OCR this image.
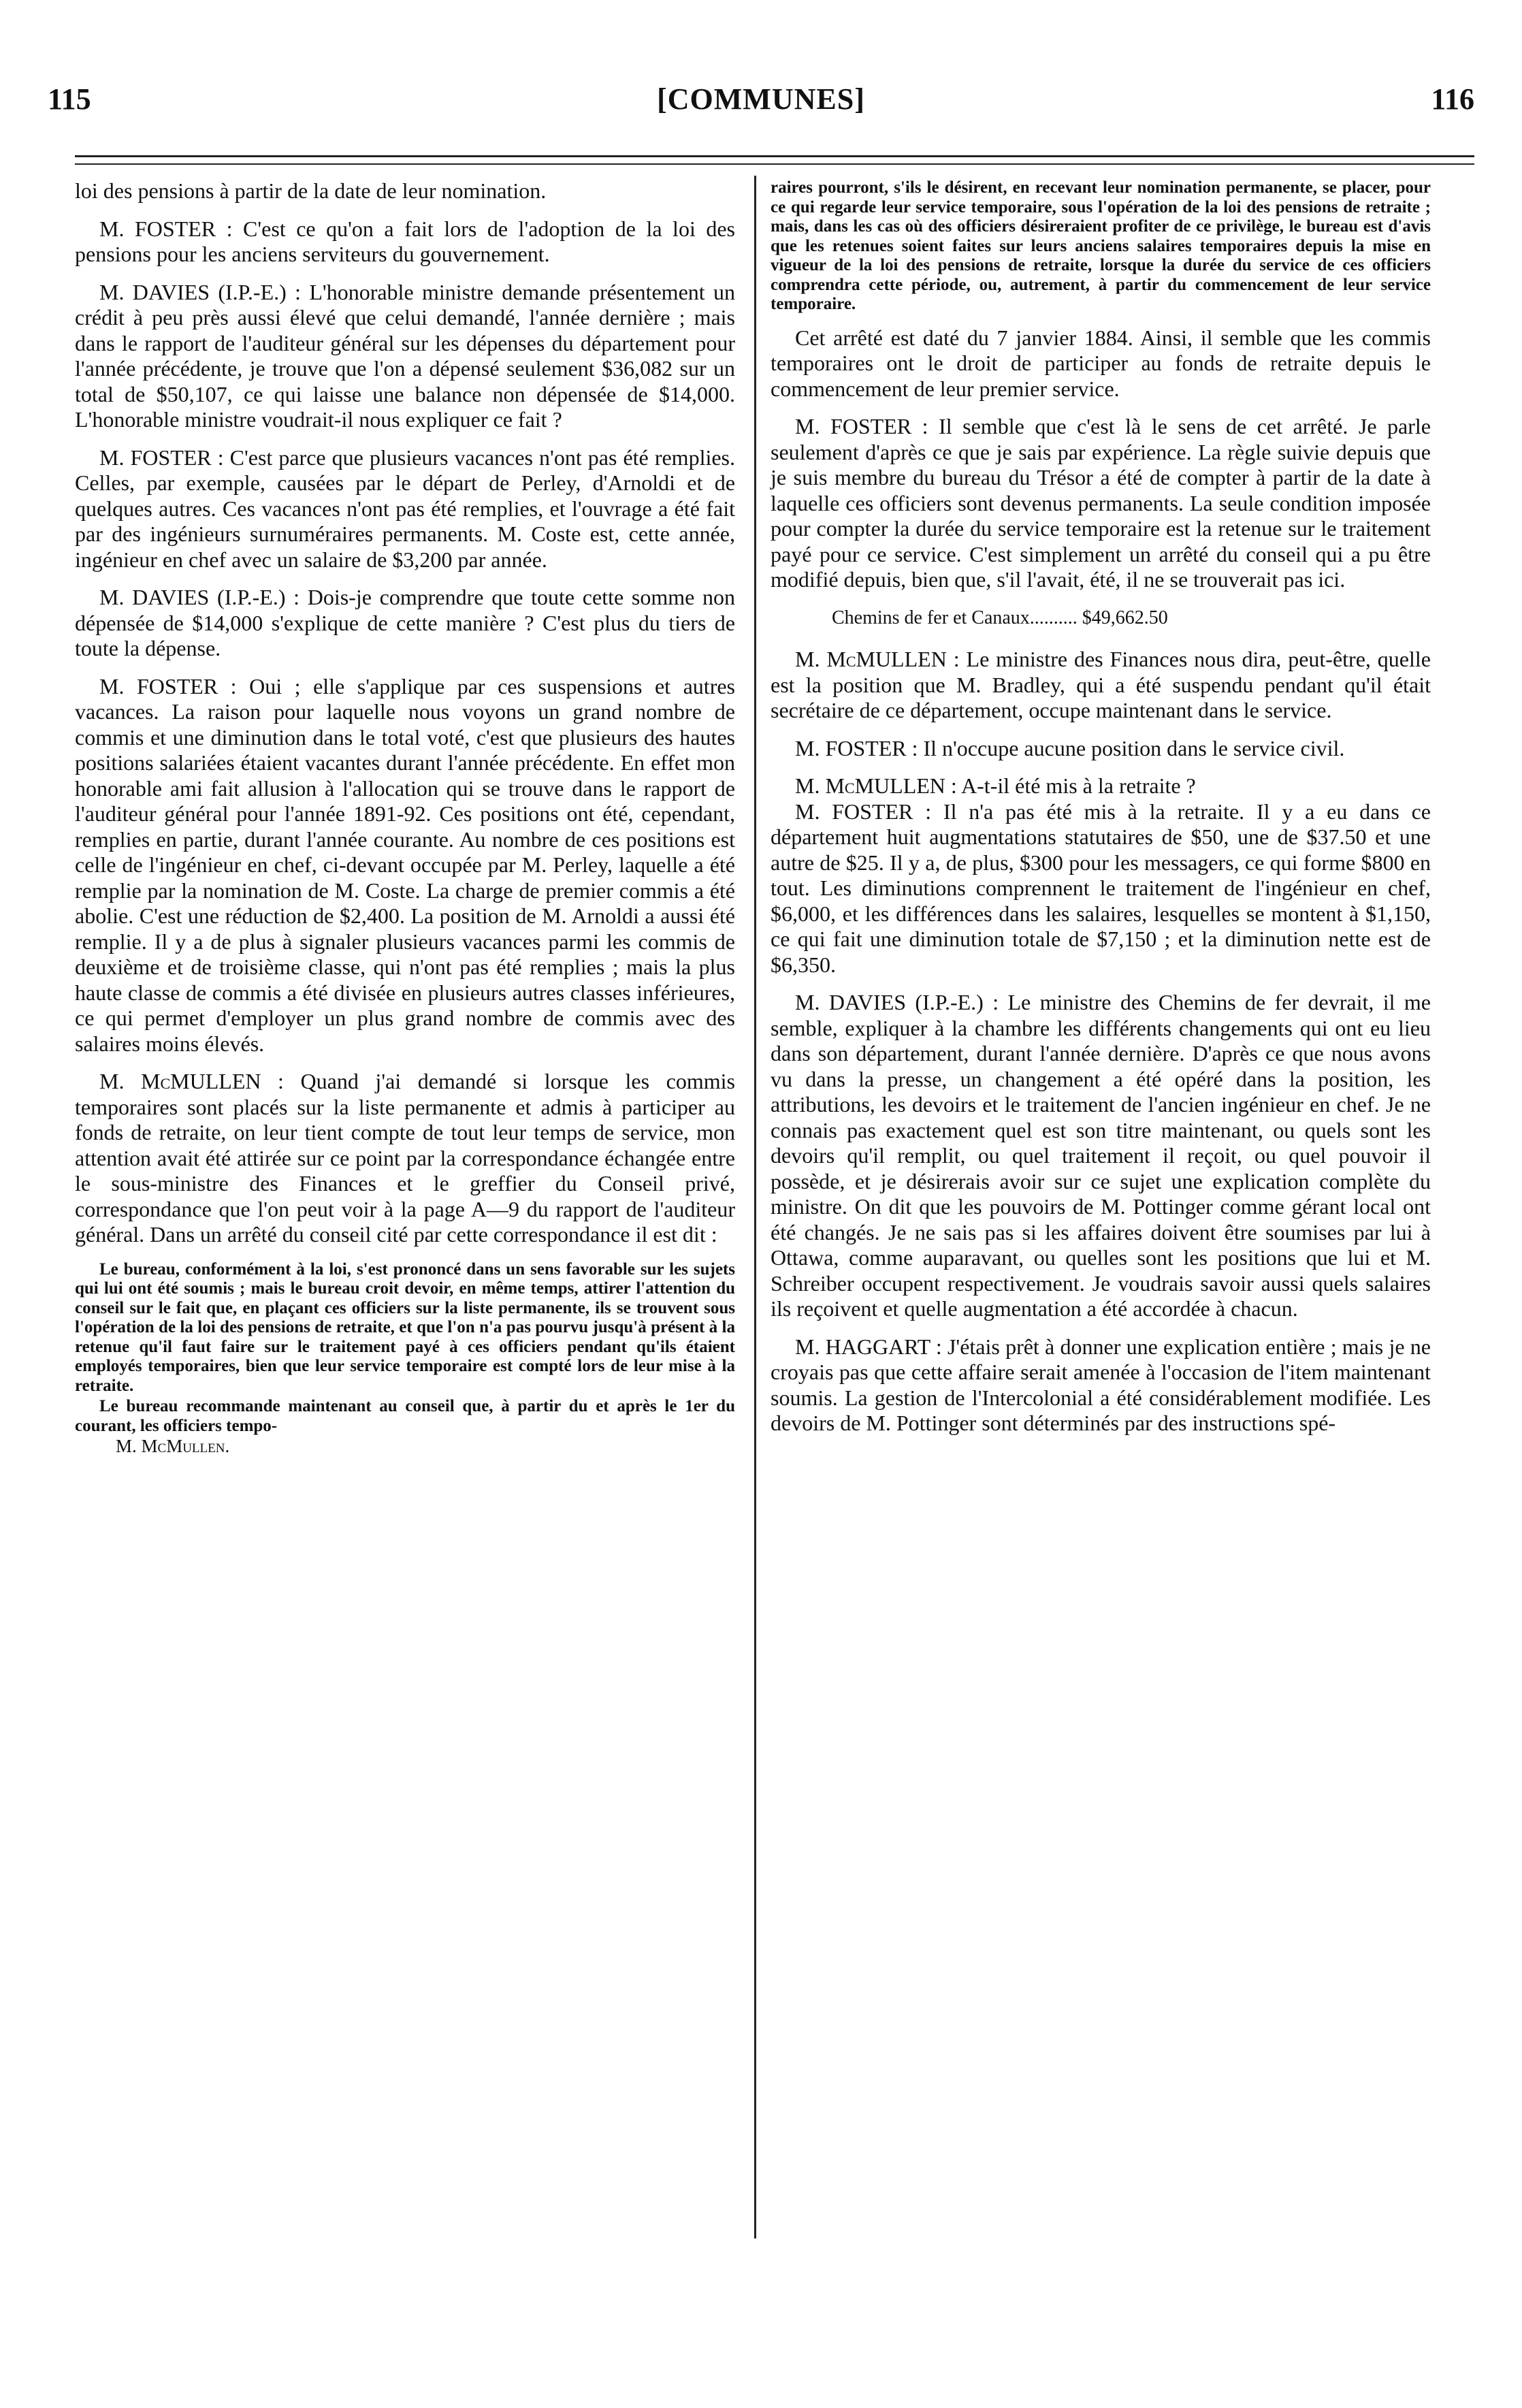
115	[COMMUNES]	116

loi des pensions à partir de la date de leur nomination.

M. FOSTER : C'est ce qu'on a fait lors de l'adoption de la loi des pensions pour les anciens serviteurs du gouvernement.

M. DAVIES (I.P.-E.) : L'honorable ministre demande présentement un crédit à peu près aussi élevé que celui demandé, l'année dernière ; mais dans le rapport de l'auditeur général sur les dépenses du département pour l'année précédente, je trouve que l'on a dépensé seulement $36,082 sur un total de $50,107, ce qui laisse une balance non dépensée de $14,000. L'honorable ministre voudrait-il nous expliquer ce fait ?

M. FOSTER : C'est parce que plusieurs vacances n'ont pas été remplies. Celles, par exemple, causées par le départ de Perley, d'Arnoldi et de quelques autres. Ces vacances n'ont pas été remplies, et l'ouvrage a été fait par des ingénieurs surnuméraires permanents. M. Coste est, cette année, ingénieur en chef avec un salaire de $3,200 par année.

M. DAVIES (I.P.-E.) : Dois-je comprendre que toute cette somme non dépensée de $14,000 s'explique de cette manière ? C'est plus du tiers de toute la dépense.

M. FOSTER : Oui ; elle s'applique par ces suspensions et autres vacances. La raison pour laquelle nous voyons un grand nombre de commis et une diminution dans le total voté, c'est que plusieurs des hautes positions salariées étaient vacantes durant l'année précédente. En effet mon honorable ami fait allusion à l'allocation qui se trouve dans le rapport de l'auditeur général pour l'année 1891-92. Ces positions ont été, cependant, remplies en partie, durant l'année courante. Au nombre de ces positions est celle de l'ingénieur en chef, ci-devant occupée par M. Perley, laquelle a été remplie par la nomination de M. Coste. La charge de premier commis a été abolie. C'est une réduction de $2,400. La position de M. Arnoldi a aussi été remplie. Il y a de plus à signaler plusieurs vacances parmi les commis de deuxième et de troisième classe, qui n'ont pas été remplies ; mais la plus haute classe de commis a été divisée en plusieurs autres classes inférieures, ce qui permet d'employer un plus grand nombre de commis avec des salaires moins élevés.

M. McMULLEN : Quand j'ai demandé si lorsque les commis temporaires sont placés sur la liste permanente et admis à participer au fonds de retraite, on leur tient compte de tout leur temps de service, mon attention avait été attirée sur ce point par la correspondance échangée entre le sous-ministre des Finances et le greffier du Conseil privé, correspondance que l'on peut voir à la page A—9 du rapport de l'auditeur général. Dans un arrêté du conseil cité par cette correspondance il est dit :

Le bureau, conformément à la loi, s'est prononcé dans un sens favorable sur les sujets qui lui ont été soumis ; mais le bureau croit devoir, en même temps, attirer l'attention du conseil sur le fait que, en plaçant ces officiers sur la liste permanente, ils se trouvent sous l'opération de la loi des pensions de retraite, et que l'on n'a pas pourvu jusqu'à présent à la retenue qu'il faut faire sur le traitement payé à ces officiers pendant qu'ils étaient employés temporaires, bien que leur service temporaire est compté lors de leur mise à la retraite.

Le bureau recommande maintenant au conseil que, à partir du et après le 1er du courant, les officiers tempo-

M. McMullen.

raires pourront, s'ils le désirent, en recevant leur nomination permanente, se placer, pour ce qui regarde leur service temporaire, sous l'opération de la loi des pensions de retraite ; mais, dans les cas où des officiers désireraient profiter de ce privilège, le bureau est d'avis que les retenues soient faites sur leurs anciens salaires temporaires depuis la mise en vigueur de la loi des pensions de retraite, lorsque la durée du service de ces officiers comprendra cette période, ou, autrement, à partir du commencement de leur service temporaire.

Cet arrêté est daté du 7 janvier 1884. Ainsi, il semble que les commis temporaires ont le droit de participer au fonds de retraite depuis le commencement de leur premier service.

M. FOSTER : Il semble que c'est là le sens de cet arrêté. Je parle seulement d'après ce que je sais par expérience. La règle suivie depuis que je suis membre du bureau du Trésor a été de compter à partir de la date à laquelle ces officiers sont devenus permanents. La seule condition imposée pour compter la durée du service temporaire est la retenue sur le traitement payé pour ce service. C'est simplement un arrêté du conseil qui a pu être modifié depuis, bien que, s'il l'avait, été, il ne se trouverait pas ici.

Chemins de fer et Canaux.......... $49,662.50

M. McMULLEN : Le ministre des Finances nous dira, peut-être, quelle est la position que M. Bradley, qui a été suspendu pendant qu'il était secrétaire de ce département, occupe maintenant dans le service.

M. FOSTER : Il n'occupe aucune position dans le service civil.

M. McMULLEN : A-t-il été mis à la retraite ?

M. FOSTER : Il n'a pas été mis à la retraite. Il y a eu dans ce département huit augmentations statutaires de $50, une de $37.50 et une autre de $25. Il y a, de plus, $300 pour les messagers, ce qui forme $800 en tout. Les diminutions comprennent le traitement de l'ingénieur en chef, $6,000, et les différences dans les salaires, lesquelles se montent à $1,150, ce qui fait une diminution totale de $7,150 ; et la diminution nette est de $6,350.

M. DAVIES (I.P.-E.) : Le ministre des Chemins de fer devrait, il me semble, expliquer à la chambre les différents changements qui ont eu lieu dans son département, durant l'année dernière. D'après ce que nous avons vu dans la presse, un changement a été opéré dans la position, les attributions, les devoirs et le traitement de l'ancien ingénieur en chef. Je ne connais pas exactement quel est son titre maintenant, ou quels sont les devoirs qu'il remplit, ou quel traitement il reçoit, ou quel pouvoir il possède, et je désirerais avoir sur ce sujet une explication complète du ministre. On dit que les pouvoirs de M. Pottinger comme gérant local ont été changés. Je ne sais pas si les affaires doivent être soumises par lui à Ottawa, comme auparavant, ou quelles sont les positions que lui et M. Schreiber occupent respectivement. Je voudrais savoir aussi quels salaires ils reçoivent et quelle augmentation a été accordée à chacun.

M. HAGGART : J'étais prêt à donner une explication entière ; mais je ne croyais pas que cette affaire serait amenée à l'occasion de l'item maintenant soumis. La gestion de l'Intercolonial a été considérablement modifiée. Les devoirs de M. Pottinger sont déterminés par des instructions spé-
